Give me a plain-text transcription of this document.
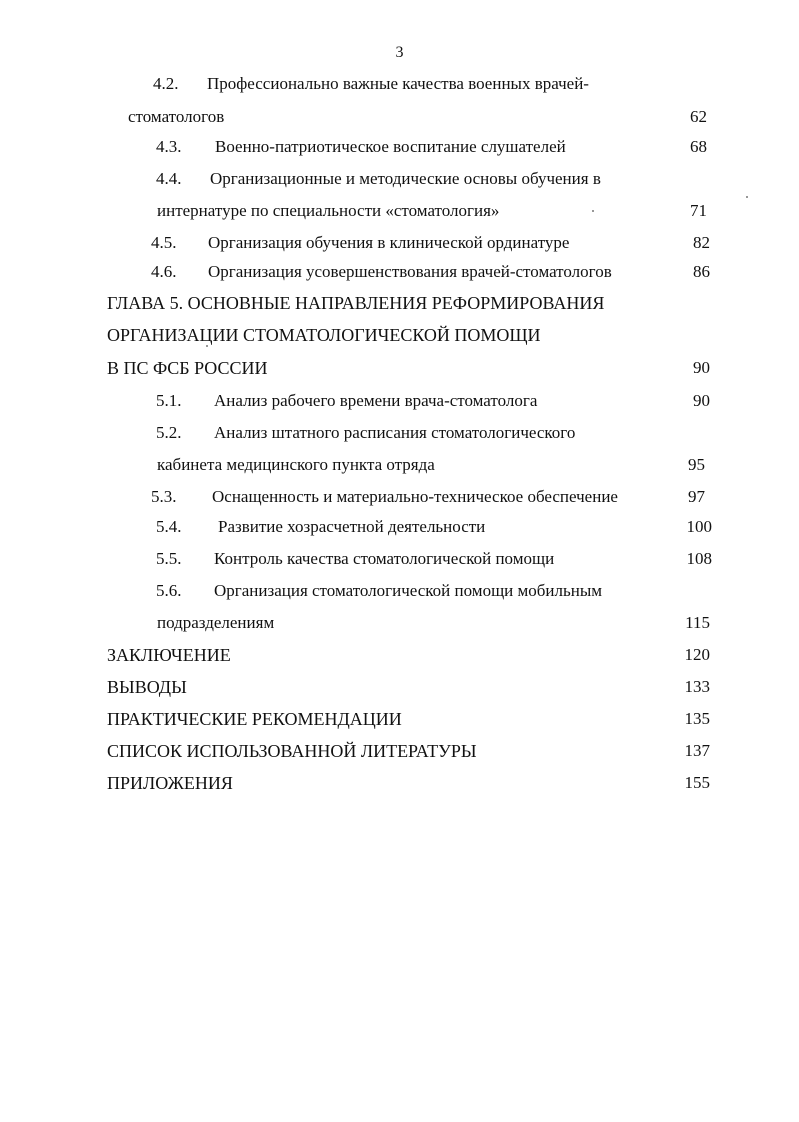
3
4.2. Профессионально важные качества военных врачей-
стоматологов	62
4.3. Военно-патриотическое воспитание слушателей	68
4.4. Организационные и методические основы обучения в
интернатуре по специальности «стоматология»	71
4.5. Организация обучения в клинической ординатуре	82
4.6. Организация усовершенствования врачей-стоматологов	86
ГЛАВА 5. ОСНОВНЫЕ НАПРАВЛЕНИЯ РЕФОРМИРОВАНИЯ
ОРГАНИЗАЦИИ СТОМАТОЛОГИЧЕСКОЙ ПОМОЩИ
В ПС ФСБ РОССИИ	90
5.1. Анализ рабочего времени врача-стоматолога	90
5.2. Анализ штатного расписания стоматологического
кабинета медицинского пункта отряда	95
5.3. Оснащенность и материально-техническое обеспечение	97
5.4. Развитие хозрасчетной деятельности	100
5.5. Контроль качества стоматологической помощи	108
5.6. Организация стоматологической помощи мобильным
подразделениям	115
ЗАКЛЮЧЕНИЕ	120
ВЫВОДЫ	133
ПРАКТИЧЕСКИЕ РЕКОМЕНДАЦИИ	135
СПИСОК ИСПОЛЬЗОВАННОЙ ЛИТЕРАТУРЫ	137
ПРИЛОЖЕНИЯ	155
